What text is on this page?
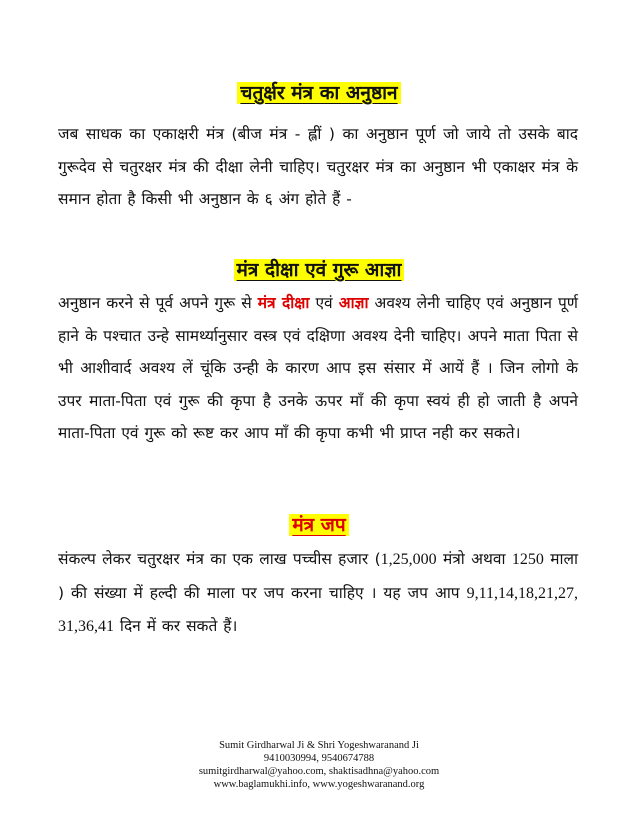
चतुर्क्षर मंत्र का अनुष्ठान

जब साधक का एकाक्षरी मंत्र (बीज मंत्र - ह्लीं ) का अनुष्ठान पूर्ण जो जाये तो उसके बाद गुरूदेव से चतुरक्षर मंत्र की दीक्षा लेनी चाहिए। चतुरक्षर मंत्र का अनुष्ठान भी एकाक्षर मंत्र के समान होता है किसी भी अनुष्ठान के ६ अंग होते हैं -

मंत्र दीक्षा एवं गुरू आज्ञा

अनुष्ठान करने से पूर्व अपने गुरू से मंत्र दीक्षा एवं आज्ञा अवश्य लेनी चाहिए एवं अनुष्ठान पूर्ण हाने के पश्चात उन्हे सामर्थ्यानुसार वस्त्र एवं दक्षिणा अवश्य देनी चाहिए। अपने माता पिता से भी आशीवार्द अवश्य लें चूंकि उन्ही के कारण आप इस संसार में आयें हैं । जिन लोगो के उपर माता-पिता एवं गुरू की कृपा है उनके ऊपर माँ की कृपा स्वयं ही हो जाती है अपने माता-पिता एवं गुरू को रूष्ट कर आप माँ की कृपा कभी भी प्राप्त नही कर सकते।

मंत्र जप

संकल्प लेकर चतुरक्षर मंत्र का एक लाख पच्चीस हजार (1,25,000 मंत्रो अथवा 1250 माला ) की संख्या में हल्दी की माला पर जप करना चाहिए । यह जप आप 9,11,14,18,21,27, 31,36,41 दिन में कर सकते हैं।

Sumit Girdharwal Ji & Shri Yogeshwaranand Ji
9410030994, 9540674788
sumitgirdharwal@yahoo.com, shaktisadhna@yahoo.com
www.baglamukhi.info, www.yogeshwaranand.org
